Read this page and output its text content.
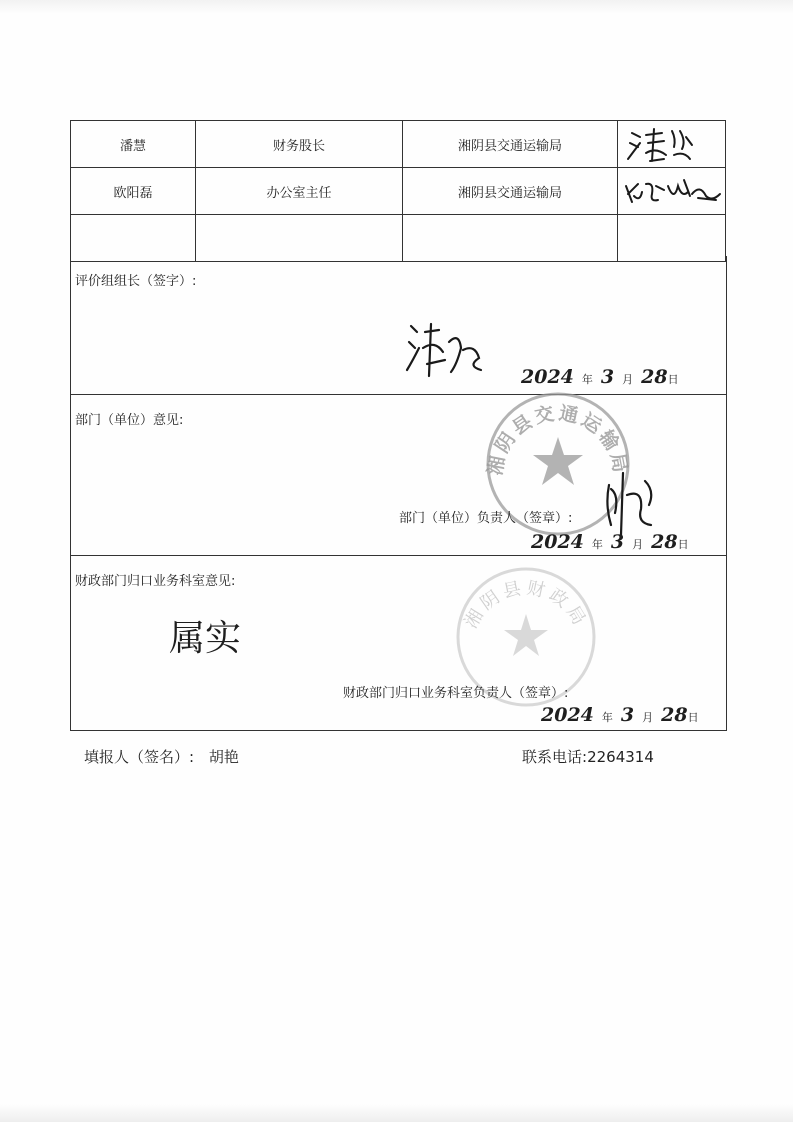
潘慧	财务股长	湘阴县交通运输局	

欧阳磊	办公室主任	湘阴县交通运输局	

评价组组长（签字）:
2024 年 3 月 28日
部门（单位）意见:
湘阴县交通运输局
部门（单位）负责人（签章）:
2024 年 3 月 28日
财政部门归口业务科室意见:
湘阴县财政局
属实
财政部门归口业务科室负责人（签章）:
2024 年 3 月 28日
填报人（签名）: 胡艳	联系电话:2264314
